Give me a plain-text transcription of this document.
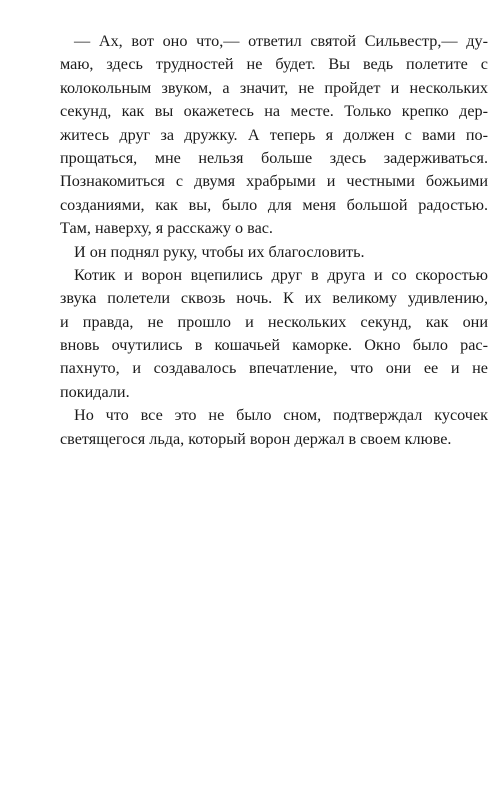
— Ах, вот оно что,— ответил святой Сильвестр,— ду-
маю, здесь трудностей не будет. Вы ведь полетите с
колокольным звуком, а значит, не пройдет и нескольких
секунд, как вы окажетесь на месте. Только крепко дер-
житесь друг за дружку. А теперь я должен с вами по-
прощаться, мне нельзя больше здесь задерживаться.
Познакомиться с двумя храбрыми и честными божьими
созданиями, как вы, было для меня большой радостью.
Там, наверху, я расскажу о вас.
И он поднял руку, чтобы их благословить.
Котик и ворон вцепились друг в друга и со скоростью
звука полетели сквозь ночь. К их великому удивлению,
и правда, не прошло и нескольких секунд, как они
вновь очутились в кошачьей каморке. Окно было рас-
пахнуто, и создавалось впечатление, что они ее и не
покидали.
Но что все это не было сном, подтверждал кусочек
светящегося льда, который ворон держал в своем клюве.
